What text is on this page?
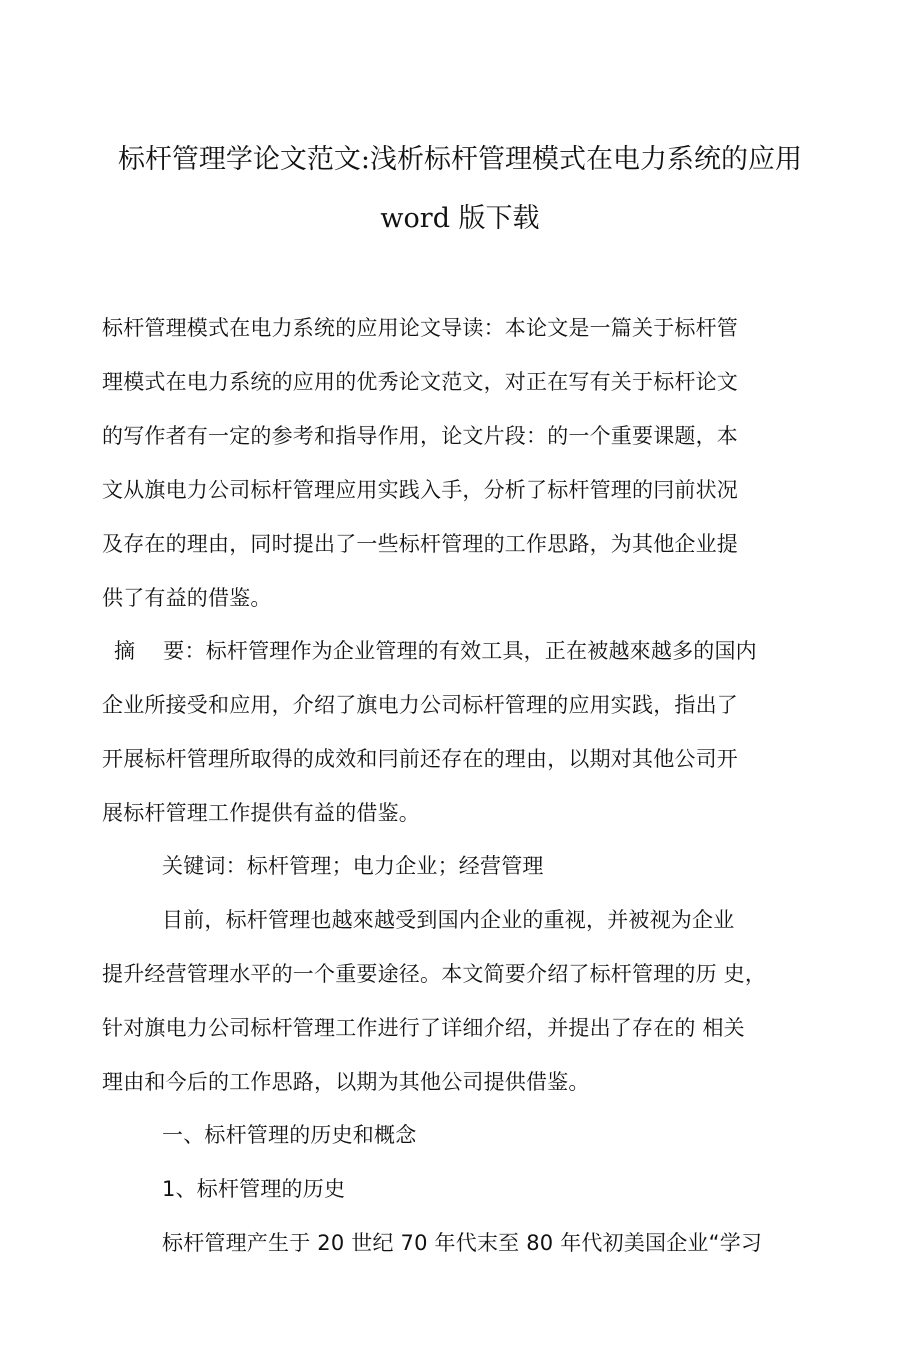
标杆管理学论文范文:浅析标杆管理模式在电力系统的应用
word 版下载
标杆管理模式在电力系统的应用论文导读：本论文是一篇关于标杆管
理模式在电力系统的应用的优秀论文范文，对正在写有关于标杆论文
的写作者有一定的参考和指导作用，论文片段：的一个重要课题，本
文从旗电力公司标杆管理应用实践入手，分析了标杆管理的冃前状况
及存在的理由，同时提出了一些标杆管理的工作思路，为其他企业提
供了有益的借鉴。
摘　 要：标杆管理作为企业管理的有效工具，正在被越來越多的国内
企业所接受和应用，介绍了旗电力公司标杆管理的应用实践，指出了
开展标杆管理所取得的成效和冃前还存在的理由，以期对其他公司开
展标杆管理工作提供有益的借鉴。
关键词：标杆管理；电力企业；经营管理
目前，标杆管理也越來越受到国内企业的重视，并被视为企业
提升经营管理水平的一个重要途径。本文简要介绍了标杆管理的历 史，
针对旗电力公司标杆管理工作进行了详细介绍，并提出了存在的 相关
理由和今后的工作思路，以期为其他公司提供借鉴。
一、标杆管理的历史和概念
1、标杆管理的历史
标杆管理产生于 20 世纪 70 年代末至 80 年代初美国企业“学习
